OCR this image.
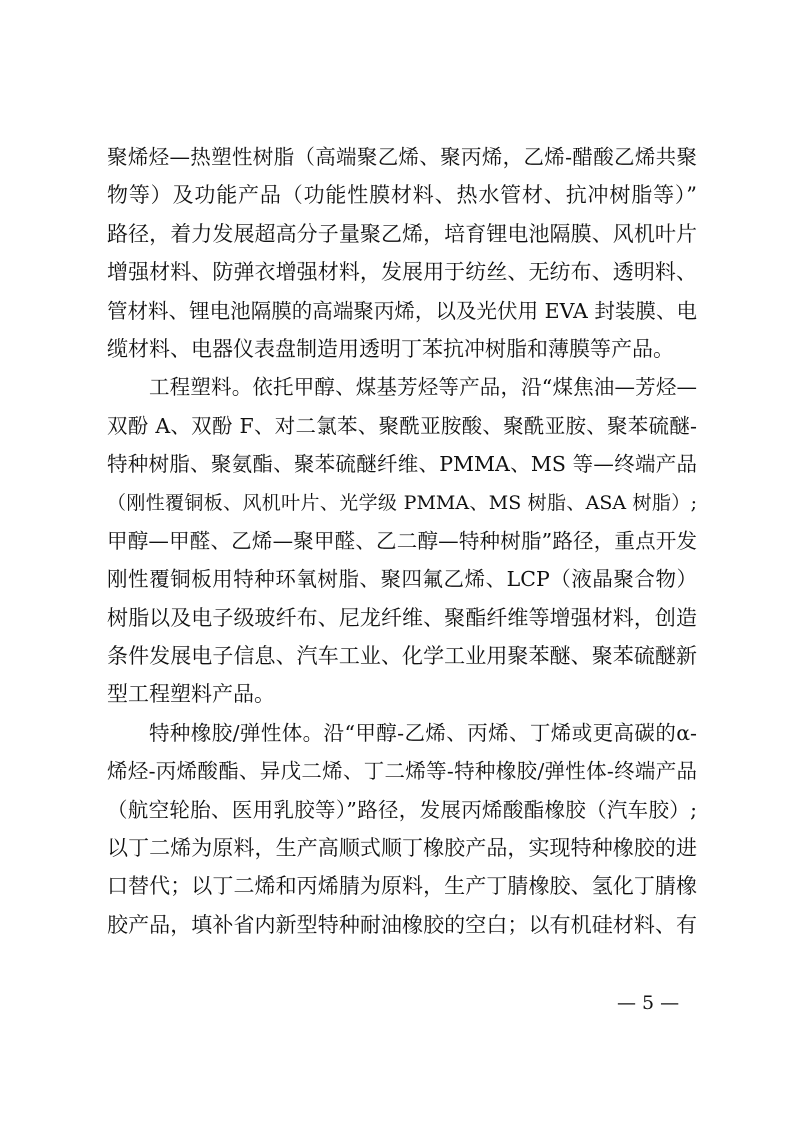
聚烯烃—热塑性树脂（高端聚乙烯、聚丙烯，乙烯-醋酸乙烯共聚
物等）及功能产品（功能性膜材料、热水管材、抗冲树脂等）”
路径，着力发展超高分子量聚乙烯，培育锂电池隔膜、风机叶片
增强材料、防弹衣增强材料，发展用于纺丝、无纺布、透明料、
管材料、锂电池隔膜的高端聚丙烯，以及光伏用 EVA 封装膜、电
缆材料、电器仪表盘制造用透明丁苯抗冲树脂和薄膜等产品。
工程塑料。依托甲醇、煤基芳烃等产品，沿“煤焦油—芳烃—
双酚 A、双酚 F、对二氯苯、聚酰亚胺酸、聚酰亚胺、聚苯硫醚-
特种树脂、聚氨酯、聚苯硫醚纤维、PMMA、MS 等—终端产品
（刚性覆铜板、风机叶片、光学级 PMMA、MS 树脂、ASA 树脂）;
甲醇—甲醛、乙烯—聚甲醛、乙二醇—特种树脂”路径，重点开发
刚性覆铜板用特种环氧树脂、聚四氟乙烯、LCP（液晶聚合物）
树脂以及电子级玻纤布、尼龙纤维、聚酯纤维等增强材料，创造
条件发展电子信息、汽车工业、化学工业用聚苯醚、聚苯硫醚新
型工程塑料产品。
特种橡胶/弹性体。沿“甲醇-乙烯、丙烯、丁烯或更高碳的α-
烯烃-丙烯酸酯、异戊二烯、丁二烯等-特种橡胶/弹性体-终端产品
（航空轮胎、医用乳胶等）”路径，发展丙烯酸酯橡胶（汽车胶）;
以丁二烯为原料，生产高顺式顺丁橡胶产品，实现特种橡胶的进
口替代；以丁二烯和丙烯腈为原料，生产丁腈橡胶、氢化丁腈橡
胶产品，填补省内新型特种耐油橡胶的空白；以有机硅材料、有
— 5 —
